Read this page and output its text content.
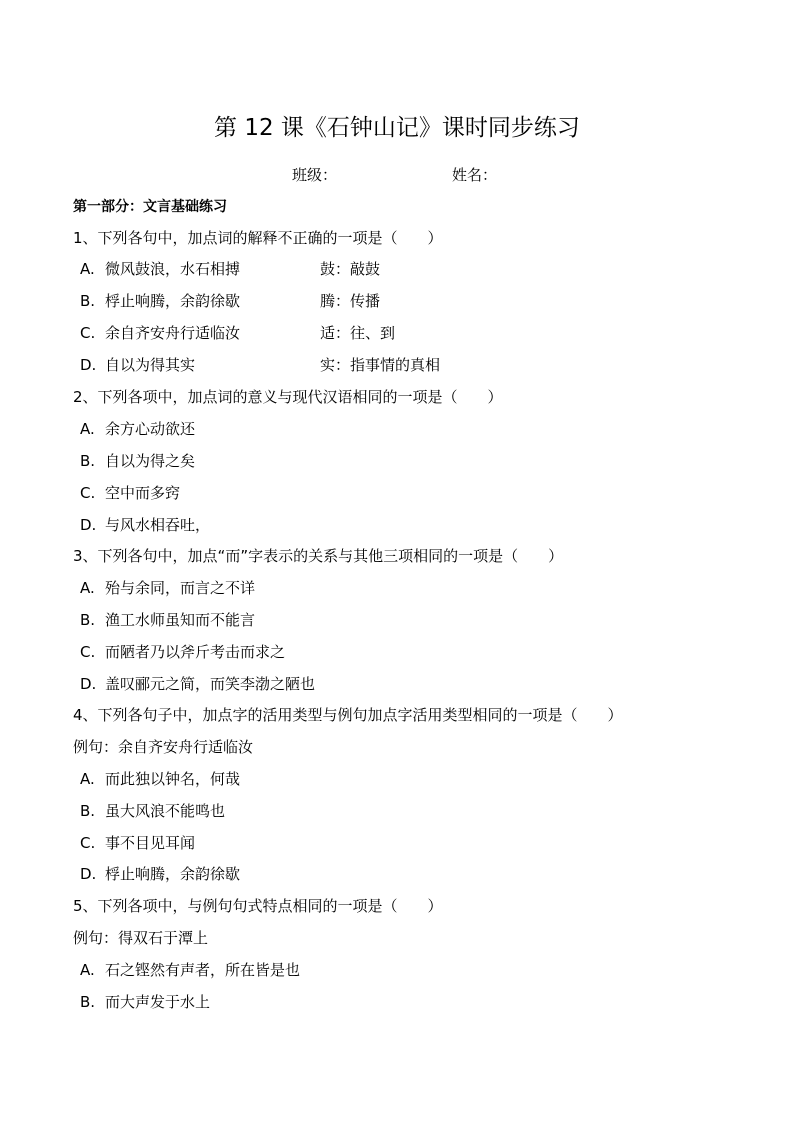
第 12 课《石钟山记》课时同步练习
班级：	姓名：
第一部分：文言基础练习
1、下列各句中，加点词的解释不正确的一项是（　　）
A. 微风鼓浪，水石相搏	鼓：敲鼓
B. 桴止响腾，余韵徐歇	腾：传播
C. 余自齐安舟行适临汝	适：往、到
D. 自以为得其实	实：指事情的真相
2、下列各项中，加点词的意义与现代汉语相同的一项是（　　）
A. 余方心动欲还
B. 自以为得之矣
C. 空中而多窍
D. 与风水相吞吐，
3、下列各句中，加点“而”字表示的关系与其他三项相同的一项是（　　）
A. 殆与余同，而言之不详
B. 渔工水师虽知而不能言
C. 而陋者乃以斧斤考击而求之
D. 盖叹郦元之简，而笑李渤之陋也
4、下列各句子中，加点字的活用类型与例句加点字活用类型相同的一项是（　　）
例句：余自齐安舟行适临汝
A. 而此独以钟名，何哉
B. 虽大风浪不能鸣也
C. 事不目见耳闻
D. 桴止响腾，余韵徐歇
5、下列各项中，与例句句式特点相同的一项是（　　）
例句：得双石于潭上
A. 石之铿然有声者，所在皆是也
B. 而大声发于水上
